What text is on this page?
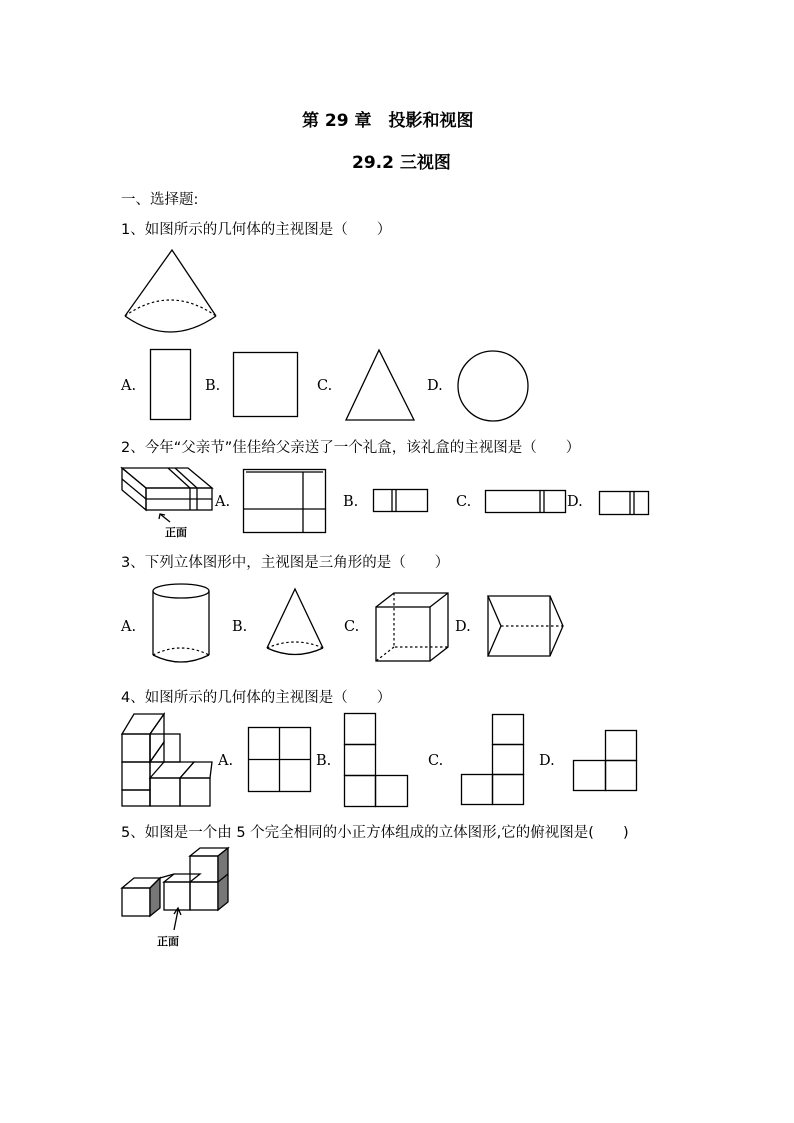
第 29 章　投影和视图
29.2 三视图
一、选择题:
1、如图所示的几何体的主视图是（　　）
A.	B.	C.	D.
2、今年“父亲节”佳佳给父亲送了一个礼盒，该礼盒的主视图是（　　）
正面
A.	B.	C.	D.
3、下列立体图形中，主视图是三角形的是（　　）
A.	B.	C.	D.
4、如图所示的几何体的主视图是（　　）
A.	B.	C.	D.
5、如图是一个由 5 个完全相同的小正方体组成的立体图形,它的俯视图是(　　)
正面
